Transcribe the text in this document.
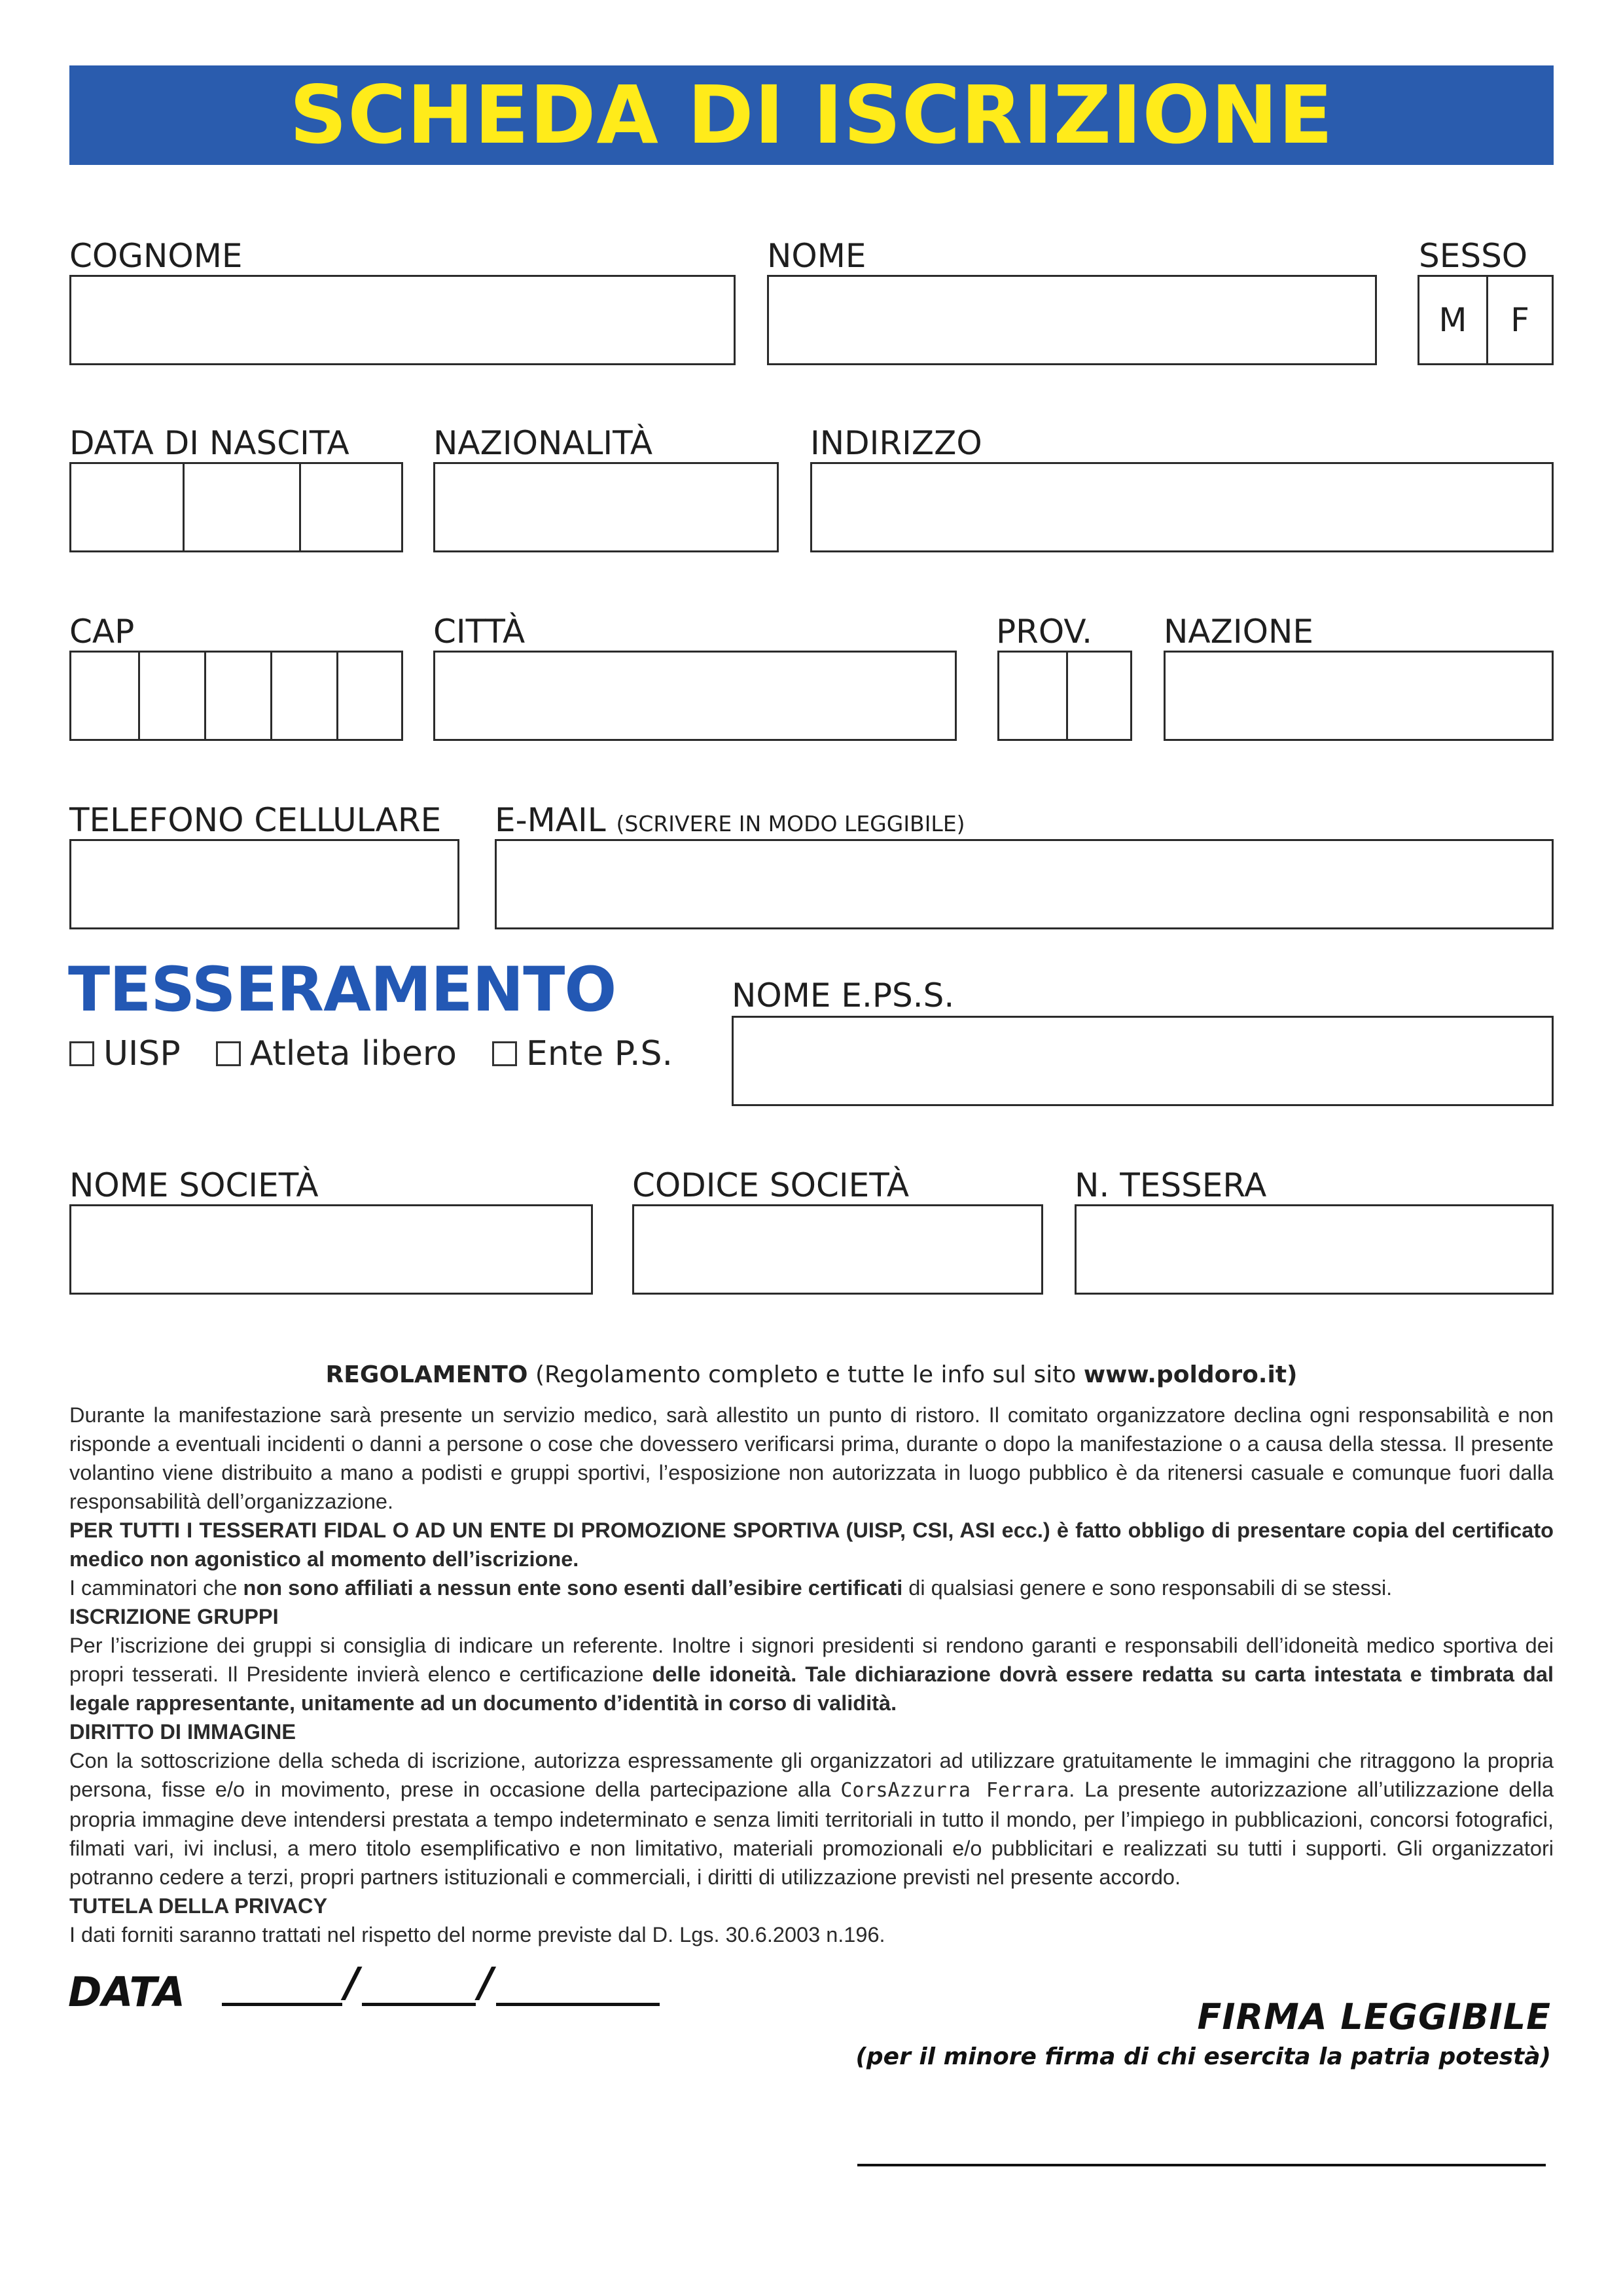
SCHEDA DI ISCRIZIONE
COGNOME	NOME	SESSO
M F
DATA DI NASCITA	NAZIONALITÀ	INDIRIZZO
CAP	CITTÀ	PROV. NAZIONE
TELEFONO CELLULARE E-MAIL (SCRIVERE IN MODO LEGGIBILE)
TESSERAMENTO
UISP Atleta libero Ente P.S.
NOME E.PS.S.
NOME SOCIETÀ	CODICE SOCIETÀ	N. TESSERA
REGOLAMENTO (Regolamento completo e tutte le info sul sito www.poldoro.it)

Durante la manifestazione sarà presente un servizio medico, sarà allestito un punto di ristoro. Il comitato organizzatore declina ogni responsabilità e non risponde a eventuali incidenti o danni a persone o cose che dovessero verificarsi prima, durante o dopo la manifestazione o a causa della stessa. Il presente volantino viene distribuito a mano a podisti e gruppi sportivi, l’esposizione non autorizzata in luogo pubblico è da ritenersi casuale e comunque fuori dalla responsabilità dell’organizzazione.

PER TUTTI I TESSERATI FIDAL O AD UN ENTE DI PROMOZIONE SPORTIVA (UISP, CSI, ASI ecc.) è fatto obbligo di presentare copia del certificato medico non agonistico al momento dell’iscrizione.

I camminatori che non sono affiliati a nessun ente sono esenti dall’esibire certificati di qualsiasi genere e sono responsabili di se stessi.

ISCRIZIONE GRUPPI

Per l’iscrizione dei gruppi si consiglia di indicare un referente. Inoltre i signori presidenti si rendono garanti e responsabili dell’idoneità medico sportiva dei propri tesserati. Il Presidente invierà elenco e certificazione delle idoneità. Tale dichiarazione dovrà essere redatta su carta intestata e timbrata dal legale rappresentante, unitamente ad un documento d’identità in corso di validità.

DIRITTO DI IMMAGINE

Con la sottoscrizione della scheda di iscrizione, autorizza espressamente gli organizzatori ad utilizzare gratuitamente le immagini che ritraggono la propria persona, fisse e/o in movimento, prese in occasione della partecipazione alla CorsAzzurra Ferrara. La presente autorizzazione all’utilizzazione della propria immagine deve intendersi prestata a tempo indeterminato e senza limiti territoriali in tutto il mondo, per l’impiego in pubblicazioni, concorsi fotografici, filmati vari, ivi inclusi, a mero titolo esemplificativo e non limitativo, materiali promozionali e/o pubblicitari e realizzati su tutti i supporti. Gli organizzatori potranno cedere a terzi, propri partners istituzionali e commerciali, i diritti di utilizzazione previsti nel presente accordo.

TUTELA DELLA PRIVACY

I dati forniti saranno trattati nel rispetto del norme previste dal D. Lgs. 30.6.2003 n.196.

DATA	/	/
FIRMA LEGGIBILE
(per il minore firma di chi esercita la patria potestà)
